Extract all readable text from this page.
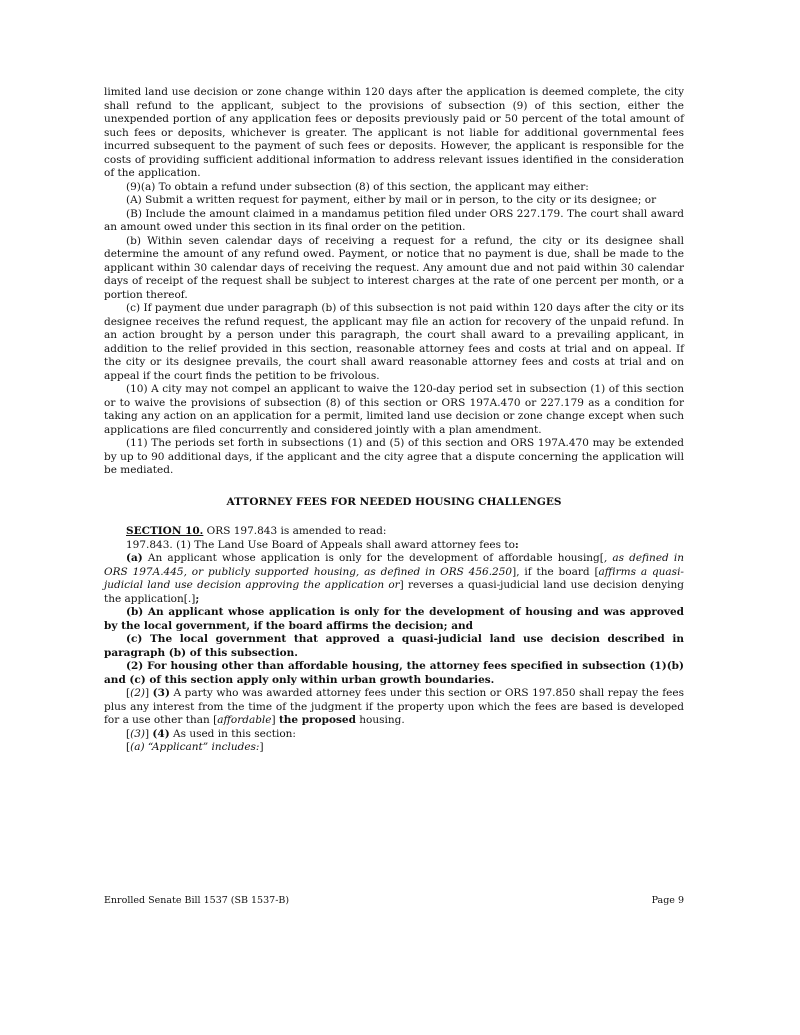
limited land use decision or zone change within 120 days after the application is deemed complete, the city shall refund to the applicant, subject to the provisions of subsection (9) of this section, either the unexpended portion of any application fees or deposits previously paid or 50 percent of the total amount of such fees or deposits, whichever is greater. The applicant is not liable for additional governmental fees incurred subsequent to the payment of such fees or deposits. However, the applicant is responsible for the costs of providing sufficient additional information to address relevant issues identified in the consideration of the application.

(9)(a) To obtain a refund under subsection (8) of this section, the applicant may either:

(A) Submit a written request for payment, either by mail or in person, to the city or its designee; or

(B) Include the amount claimed in a mandamus petition filed under ORS 227.179. The court shall award an amount owed under this section in its final order on the petition.

(b) Within seven calendar days of receiving a request for a refund, the city or its designee shall determine the amount of any refund owed. Payment, or notice that no payment is due, shall be made to the applicant within 30 calendar days of receiving the request. Any amount due and not paid within 30 calendar days of receipt of the request shall be subject to interest charges at the rate of one percent per month, or a portion thereof.

(c) If payment due under paragraph (b) of this subsection is not paid within 120 days after the city or its designee receives the refund request, the applicant may file an action for recovery of the unpaid refund. In an action brought by a person under this paragraph, the court shall award to a prevailing applicant, in addition to the relief provided in this section, reasonable attorney fees and costs at trial and on appeal. If the city or its designee prevails, the court shall award reasonable attorney fees and costs at trial and on appeal if the court finds the petition to be frivolous.

(10) A city may not compel an applicant to waive the 120-day period set in subsection (1) of this section or to waive the provisions of subsection (8) of this section or ORS 197A.470 or 227.179 as a condition for taking any action on an application for a permit, limited land use decision or zone change except when such applications are filed concurrently and considered jointly with a plan amendment.

(11) The periods set forth in subsections (1) and (5) of this section and ORS 197A.470 may be extended by up to 90 additional days, if the applicant and the city agree that a dispute concerning the application will be mediated.

ATTORNEY FEES FOR NEEDED HOUSING CHALLENGES

SECTION 10. ORS 197.843 is amended to read:

197.843. (1) The Land Use Board of Appeals shall award attorney fees to:

(a) An applicant whose application is only for the development of affordable housing[, as defined in ORS 197A.445, or publicly supported housing, as defined in ORS 456.250], if the board [affirms a quasi-judicial land use decision approving the application or] reverses a quasi-judicial land use decision denying the application[.];

(b) An applicant whose application is only for the development of housing and was approved by the local government, if the board affirms the decision; and

(c) The local government that approved a quasi-judicial land use decision described in paragraph (b) of this subsection.

(2) For housing other than affordable housing, the attorney fees specified in subsection (1)(b) and (c) of this section apply only within urban growth boundaries.

[(2)] (3) A party who was awarded attorney fees under this section or ORS 197.850 shall repay the fees plus any interest from the time of the judgment if the property upon which the fees are based is developed for a use other than [affordable] the proposed housing.

[(3)] (4) As used in this section:

[(a) “Applicant” includes:]

Enrolled Senate Bill 1537 (SB 1537-B)	Page 9
